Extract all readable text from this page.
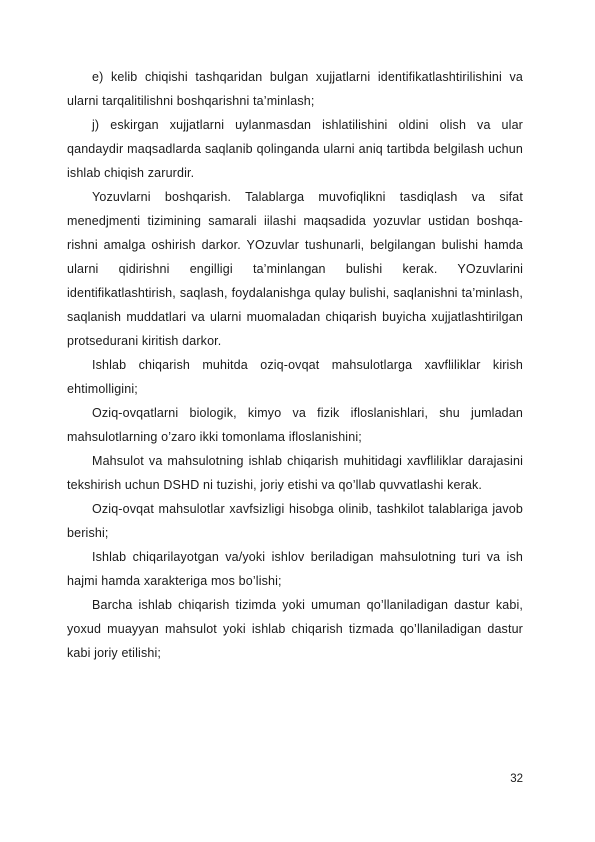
e) kelib chiqishi tashqaridan bulgan xujjatlarni identifikatlashtirilishini va ularni tarqalitilishni boshqarishni ta’minlash;

j) eskirgan xujjatlarni uylanmasdan ishlatilishini oldini olish va ular qandaydir maqsadlarda saqlanib qolinganda ularni aniq tartibda belgilash uchun ishlab chiqish zarurdir.

Yozuvlarni boshqarish. Talablarga muvofiqlikni tasdiqlash va sifat menedjmenti tizimining samarali iilashi maqsadida yozuvlar ustidan boshqa-rishni amalga oshirish darkor. YOzuvlar tushunarli, belgilangan bulishi hamda ularni qidirishni engilligi ta’minlangan bulishi kerak. YOzuvlarini identifikatlashtirish, saqlash, foydalanishga qulay bulishi, saqlanishni ta’minlash, saqlanish muddatlari va ularni muomaladan chiqarish buyicha xujjatlashtirilgan protsedurani kiritish darkor.

Ishlab chiqarish muhitda oziq-ovqat mahsulotlarga xavfliliklar kirish ehtimolligini;

Oziq-ovqatlarni biologik, kimyo va fizik ifloslanishlari, shu jumladan mahsulotlarning o’zaro ikki tomonlama ifloslanishini;

Mahsulot va mahsulotning ishlab chiqarish muhitidagi xavfliliklar darajasini tekshirish uchun DSHD ni tuzishi, joriy etishi va qo’llab quvvatlashi kerak.

Oziq-ovqat mahsulotlar xavfsizligi hisobga olinib, tashkilot talablariga javob berishi;

Ishlab chiqarilayotgan va/yoki ishlov beriladigan mahsulotning turi va ish hajmi hamda xarakteriga mos bo’lishi;

Barcha ishlab chiqarish tizimda yoki umuman qo’llaniladigan dastur kabi, yoxud muayyan mahsulot yoki ishlab chiqarish tizmada qo’llaniladigan dastur kabi joriy etilishi;

32
